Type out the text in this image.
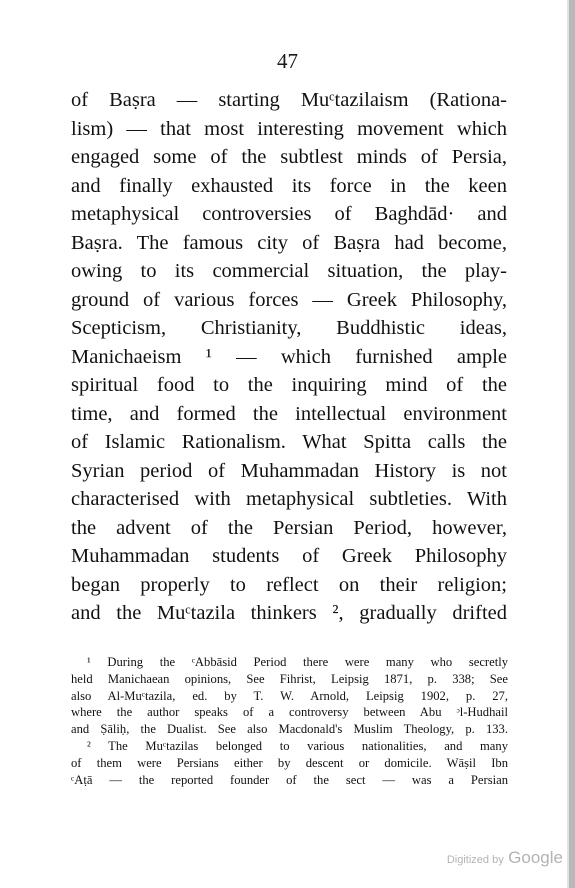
47
of Baṣra — starting Muᶜtazilaism (Rationa-
lism) — that most interesting movement which
engaged some of the subtlest minds of Persia,
and finally exhausted its force in the keen
metaphysical controversies of Baghdād· and
Baṣra. The famous city of Baṣra had become,
owing to its commercial situation, the play-
ground of various forces — Greek Philosophy,
Scepticism, Christianity, Buddhistic ideas,
Manichaeism ¹ — which furnished ample
spiritual food to the inquiring mind of the
time, and formed the intellectual environment
of Islamic Rationalism. What Spitta calls the
Syrian period of Muhammadan History is not
characterised with metaphysical subtleties. With
the advent of the Persian Period, however,
Muhammadan students of Greek Philosophy
began properly to reflect on their religion;
and the Muᶜtazila thinkers ², gradually drifted
¹ During the ᶜAbbāsid Period there were many who secretly
held Manichaean opinions, See Fihrist, Leipsig 1871, p. 338; See
also Al-Muᶜtazila, ed. by T. W. Arnold, Leipsig 1902, p. 27,
where the author speaks of a controversy between Abu ᵓl-Hudhail
and Ṣāliḥ, the Dualist. See also Macdonald's Muslim Theology, p. 133.
² The Muᶜtazilas belonged to various nationalities, and many
of them were Persians either by descent or domicile. Wāṣil Ibn
ᶜAṭā — the reported founder of the sect — was a Persian
Digitized by Google
